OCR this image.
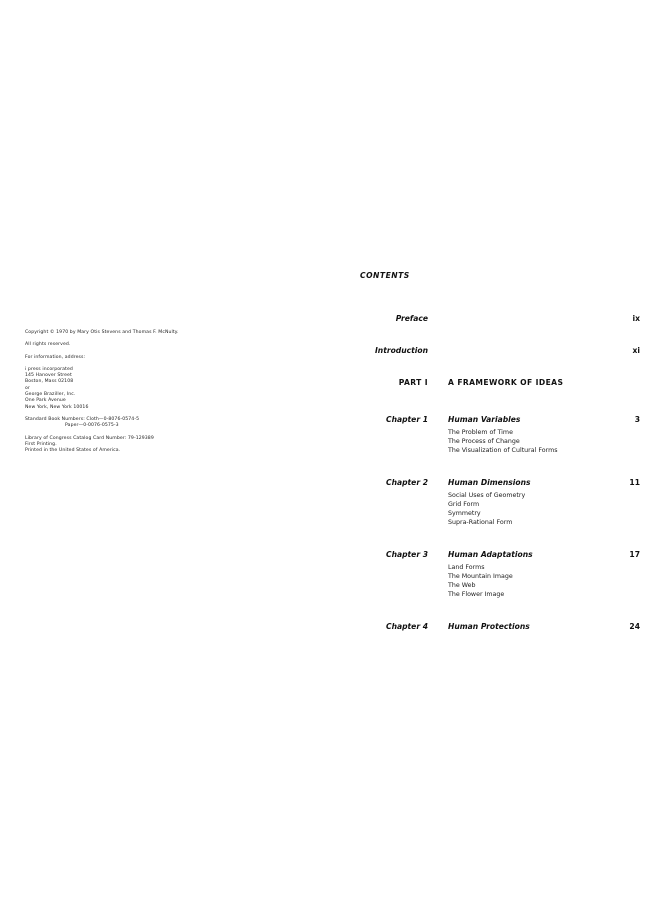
Copyright © 1970 by Mary Otis Stevens and Thomas F. McNulty.
All rights reserved.
For information, address:
i press incorporated
145 Hanover Street
Boston, Mass 02108
or
George Braziller, Inc.
One Park Avenue
New York, New York 10016
Standard Book Numbers: Cloth—0-8076-0574-5
Paper—0-0076-0575-3
Library of Congress Catalog Card Number: 79-129389
First Printing.
Printed in the United States of America.
CONTENTS
Preface	ix
Introduction	xi
PART I	A FRAMEWORK OF IDEAS
Chapter 1	Human Variables	3
The Problem of Time
The Process of Change
The Visualization of Cultural Forms
Chapter 2	Human Dimensions	11
Social Uses of Geometry
Grid Form
Symmetry
Supra-Rational Form
Chapter 3	Human Adaptations	17
Land Forms
The Mountain Image
The Web
The Flower Image
Chapter 4	Human Protections	24
